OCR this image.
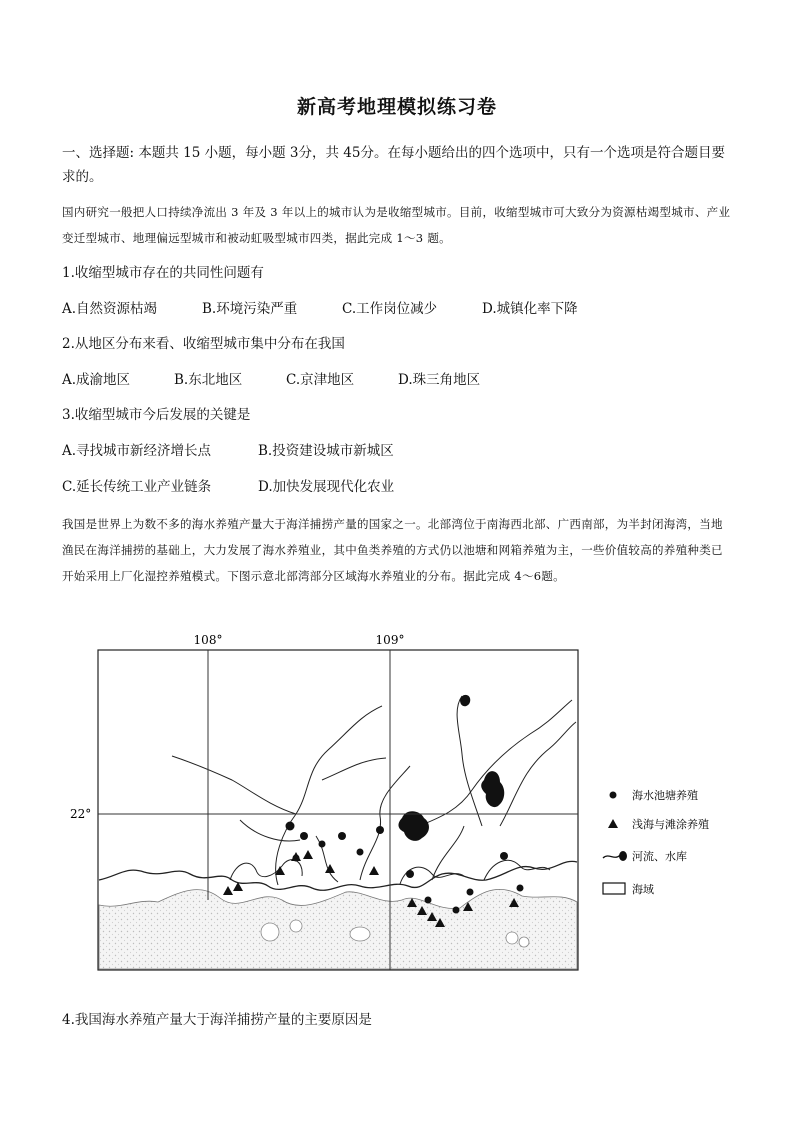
新高考地理模拟练习卷
一、选择题: 本题共 15 小题，每小题 3分，共 45分。在每小题给出的四个选项中，只有一个选项是符合题目要求的。
国内研究一般把人口持续净流出 3 年及 3 年以上的城市认为是收缩型城市。目前，收缩型城市可大致分为资源枯竭型城市、产业变迁型城市、地理偏远型城市和被动虹吸型城市四类，据此完成 1～3 题。
1.收缩型城市存在的共同性问题有
A.自然资源枯竭	B.环境污染严重	C.工作岗位减少	D.城镇化率下降
2.从地区分布来看、收缩型城市集中分布在我国
A.成渝地区	B.东北地区	C.京津地区	D.珠三角地区
3.收缩型城市今后发展的关键是
A.寻找城市新经济增长点	B.投资建设城市新城区
C.延长传统工业产业链条	D.加快发展现代化农业
我国是世界上为数不多的海水养殖产量大于海洋捕捞产量的国家之一。北部湾位于南海西北部、广西南部，为半封闭海湾，当地渔民在海洋捕捞的基础上，大力发展了海水养殖业，其中鱼类养殖的方式仍以池塘和网箱养殖为主，一些价值较高的养殖种类已开始采用上厂化湿控养殖模式。下图示意北部湾部分区域海水养殖业的分布。据此完成 4～6题。
108°	109°
22°
海水池塘养殖
浅海与滩涂养殖
河流、水库
海域
4.我国海水养殖产量大于海洋捕捞产量的主要原因是
